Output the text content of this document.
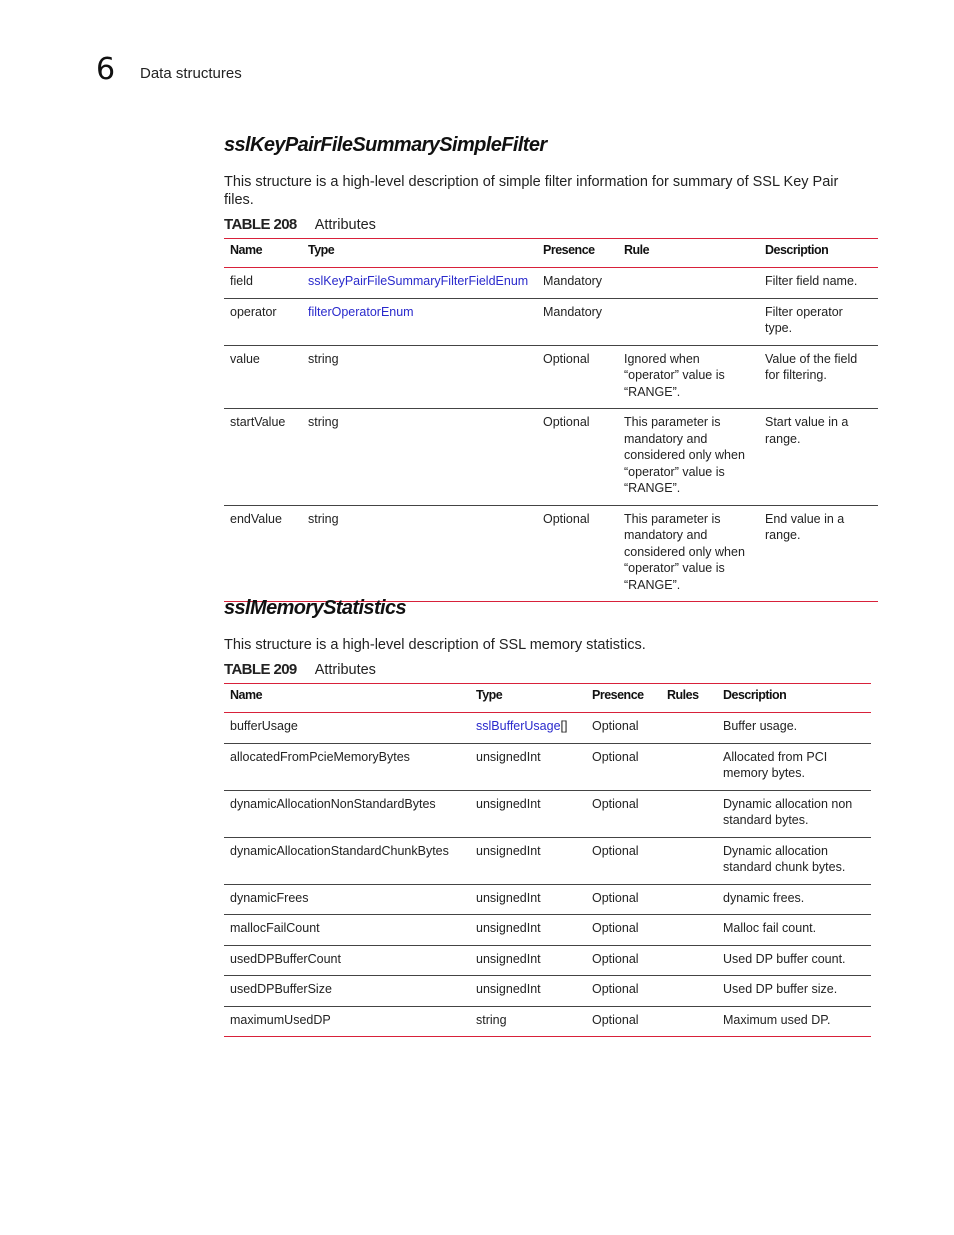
6 Data structures
sslKeyPairFileSummarySimpleFilter
This structure is a high-level description of simple filter information for summary of SSL Key Pair files.
TABLE 208 Attributes
Name	Type	Presence	Rule	Description
field	sslKeyPairFileSummaryFilterFieldEnum	Mandatory		Filter field name.
operator	filterOperatorEnum	Mandatory		Filter operator type.
value	string	Optional	Ignored when “operator” value is “RANGE”.	Value of the field for filtering.
startValue	string	Optional	This parameter is mandatory and considered only when “operator” value is “RANGE”.	Start value in a range.
endValue	string	Optional	This parameter is mandatory and considered only when “operator” value is “RANGE”.	End value in a range.
sslMemoryStatistics
This structure is a high-level description of SSL memory statistics.
TABLE 209 Attributes
Name	Type	Presence	Rules	Description
bufferUsage	sslBufferUsage[]	Optional		Buffer usage.
allocatedFromPcieMemoryBytes	unsignedInt	Optional		Allocated from PCI memory bytes.
dynamicAllocationNonStandardBytes	unsignedInt	Optional		Dynamic allocation non standard bytes.
dynamicAllocationStandardChunkBytes	unsignedInt	Optional		Dynamic allocation standard chunk bytes.
dynamicFrees	unsignedInt	Optional		dynamic frees.
mallocFailCount	unsignedInt	Optional		Malloc fail count.
usedDPBufferCount	unsignedInt	Optional		Used DP buffer count.
usedDPBufferSize	unsignedInt	Optional		Used DP buffer size.
maximumUsedDP	string	Optional		Maximum used DP.
